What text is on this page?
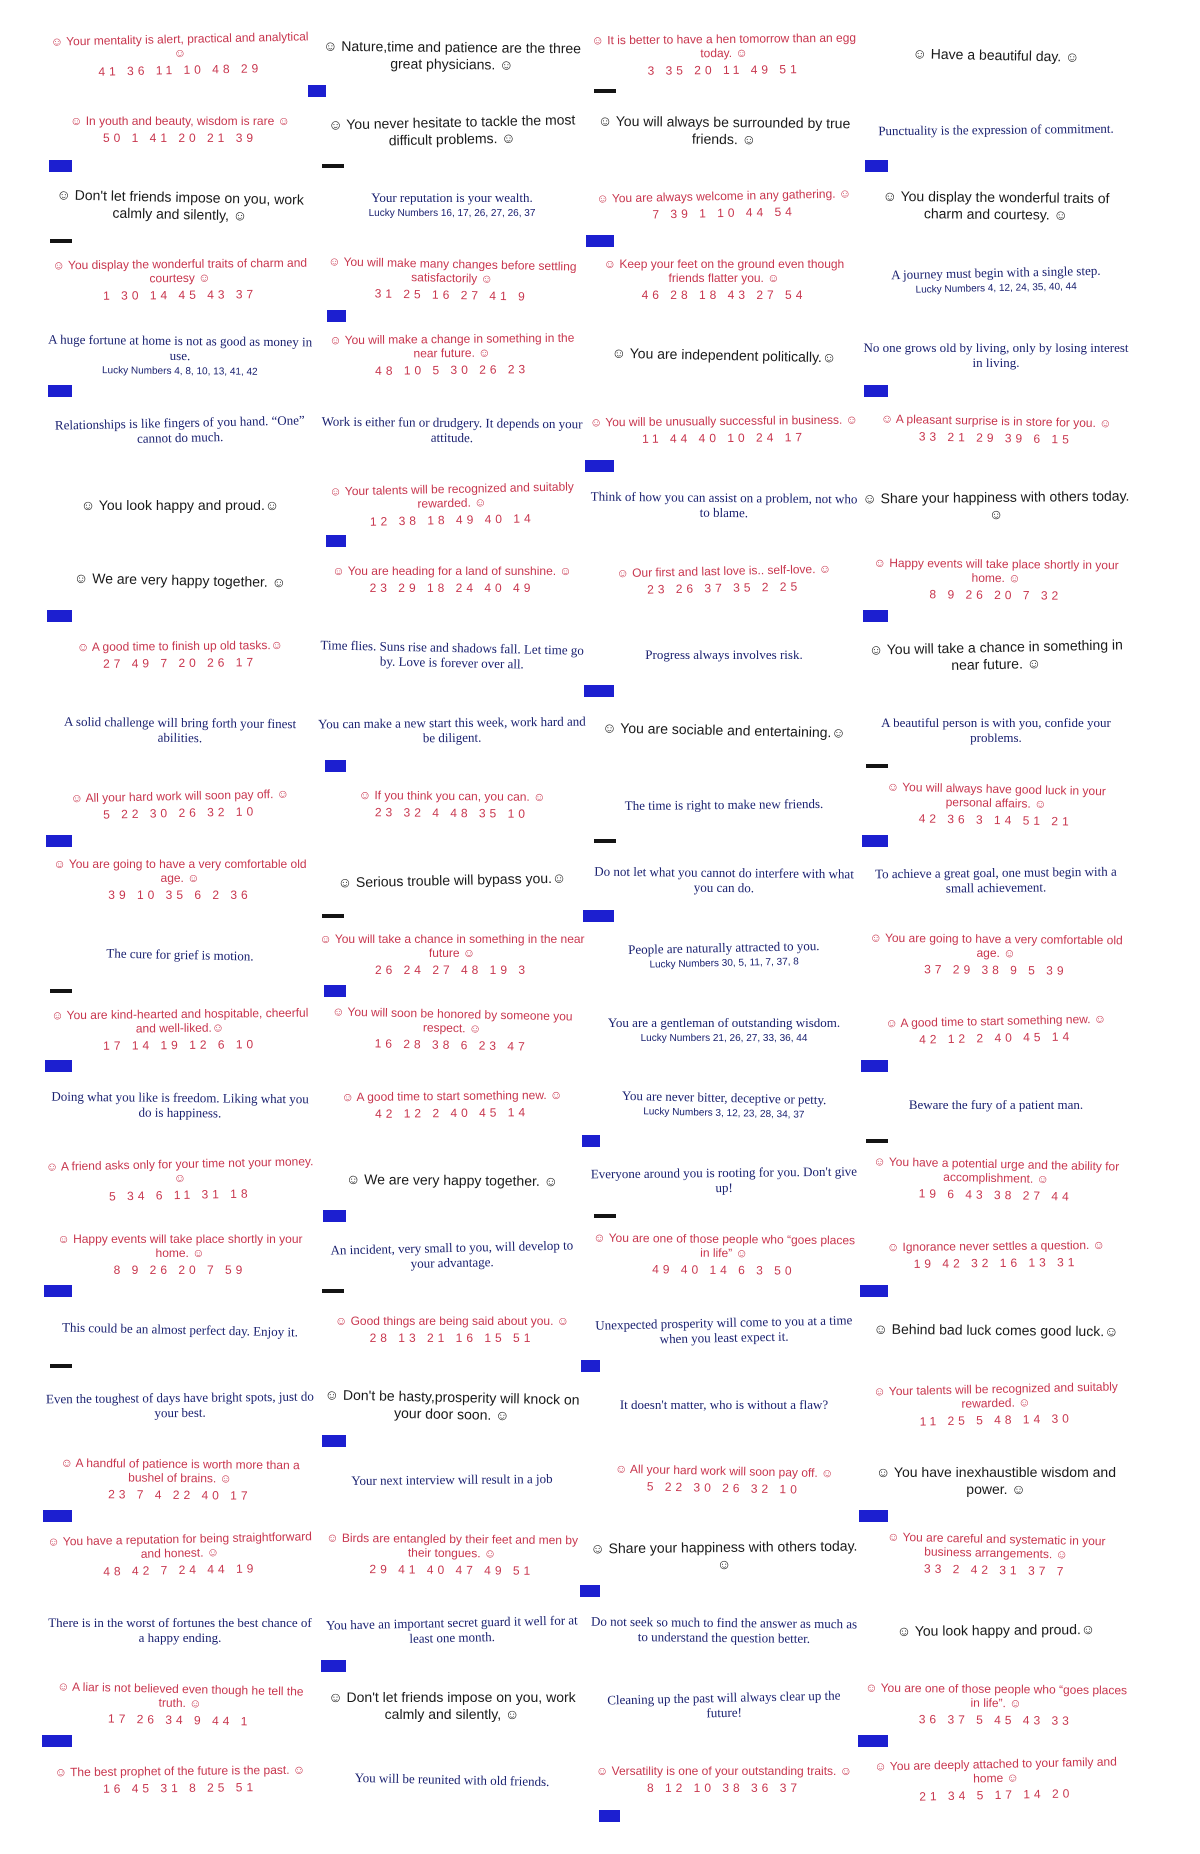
☺ Your mentality is alert, practical and analytical ☺
41 36 11 10 48 29
☺ In youth and beauty, wisdom is rare ☺
50 1 41 20 21 39
☺ Don't let friends impose on you, work calmly and silently, ☺
☺ You display the wonderful traits of charm and courtesy ☺
1 30 14 45 43 37
A huge fortune at home is not as good as money in use.
Lucky Numbers 4, 8, 10, 13, 41, 42
Relationships is like fingers of you hand. “One” cannot do much.
☺ You look happy and proud.☺
☺ We are very happy together. ☺
☺ A good time to finish up old tasks.☺
27 49 7 20 26 17
A solid challenge will bring forth your finest abilities.
☺ All your hard work will soon pay off. ☺
5 22 30 26 32 10
☺ You are going to have a very comfortable old age. ☺
39 10 35 6 2 36
The cure for grief is motion.
☺ You are kind-hearted and hospitable, cheerful and well-liked.☺
17 14 19 12 6 10
Doing what you like is freedom. Liking what you do is happiness.
☺ A friend asks only for your time not your money. ☺
5 34 6 11 31 18
☺ Happy events will take place shortly in your home. ☺
8 9 26 20 7 59
This could be an almost perfect day. Enjoy it.
Even the toughest of days have bright spots, just do your best.
☺ A handful of patience is worth more than a bushel of brains. ☺
23 7 4 22 40 17
☺ You have a reputation for being straightforward and honest. ☺
48 42 7 24 44 19
There is in the worst of fortunes the best chance of a happy ending.
☺ A liar is not believed even though he tell the truth. ☺
17 26 34 9 44 1
☺ The best prophet of the future is the past. ☺
16 45 31 8 25 51
☺ Nature,time and patience are the three great physicians. ☺
☺ You never hesitate to tackle the most difficult problems. ☺
Your reputation is your wealth.
Lucky Numbers 16, 17, 26, 27, 26, 37
☺ You will make many changes before settling satisfactorily ☺
31 25 16 27 41 9
☺ You will make a change in something in the near future. ☺
48 10 5 30 26 23
Work is either fun or drudgery. It depends on your attitude.
☺ Your talents will be recognized and suitably rewarded. ☺
12 38 18 49 40 14
☺ You are heading for a land of sunshine. ☺
23 29 18 24 40 49
Time flies. Suns rise and shadows fall. Let time go by. Love is forever over all.
You can make a new start this week, work hard and be diligent.
☺ If you think you can, you can. ☺
23 32 4 48 35 10
☺ Serious trouble will bypass you.☺
☺ You will take a chance in something in the near future ☺
26 24 27 48 19 3
☺ You will soon be honored by someone you respect. ☺
16 28 38 6 23 47
☺ A good time to start something new. ☺
42 12 2 40 45 14
☺ We are very happy together. ☺
An incident, very small to you, will develop to your advantage.
☺ Good things are being said about you. ☺
28 13 21 16 15 51
☺ Don't be hasty,prosperity will knock on your door soon. ☺
Your next interview will result in a job
☺ Birds are entangled by their feet and men by their tongues. ☺
29 41 40 47 49 51
You have an important secret guard it well for at least one month.
☺ Don't let friends impose on you, work calmly and silently, ☺
You will be reunited with old friends.
☺ It is better to have a hen tomorrow than an egg today. ☺
3 35 20 11 49 51
☺ You will always be surrounded by true friends. ☺
☺ You are always welcome in any gathering. ☺
7 39 1 10 44 54
☺ Keep your feet on the ground even though friends flatter you. ☺
46 28 18 43 27 54
☺ You are independent politically.☺
☺ You will be unusually successful in business. ☺
11 44 40 10 24 17
Think of how you can assist on a problem, not who to blame.
☺ Our first and last love is.. self-love. ☺
23 26 37 35 2 25
Progress always involves risk.
☺ You are sociable and entertaining.☺
The time is right to make new friends.
Do not let what you cannot do interfere with what you can do.
People are naturally attracted to you.
Lucky Numbers 30, 5, 11, 7, 37, 8
You are a gentleman of outstanding wisdom.
Lucky Numbers 21, 26, 27, 33, 36, 44
You are never bitter, deceptive or petty.
Lucky Numbers 3, 12, 23, 28, 34, 37
Everyone around you is rooting for you. Don't give up!
☺ You are one of those people who “goes places in life” ☺
49 40 14 6 3 50
Unexpected prosperity will come to you at a time when you least expect it.
It doesn't matter, who is without a flaw?
☺ All your hard work will soon pay off. ☺
5 22 30 26 32 10
☺ Share your happiness with others today. ☺
Do not seek so much to find the answer as much as to understand the question better.
Cleaning up the past will always clear up the future!
☺ Versatility is one of your outstanding traits. ☺
8 12 10 38 36 37
☺ Have a beautiful day. ☺
Punctuality is the expression of commitment.
☺ You display the wonderful traits of charm and courtesy. ☺
A journey must begin with a single step.
Lucky Numbers 4, 12, 24, 35, 40, 44
No one grows old by living, only by losing interest in living.
☺ A pleasant surprise is in store for you. ☺
33 21 29 39 6 15
☺ Share your happiness with others today. ☺
☺ Happy events will take place shortly in your home. ☺
8 9 26 20 7 32
☺ You will take a chance in something in near future. ☺
A beautiful person is with you, confide your problems.
☺ You will always have good luck in your personal affairs. ☺
42 36 3 14 51 21
To achieve a great goal, one must begin with a small achievement.
☺ You are going to have a very comfortable old age. ☺
37 29 38 9 5 39
☺ A good time to start something new. ☺
42 12 2 40 45 14
Beware the fury of a patient man.
☺ You have a potential urge and the ability for accomplishment. ☺
19 6 43 38 27 44
☺ Ignorance never settles a question. ☺
19 42 32 16 13 31
☺ Behind bad luck comes good luck.☺
☺ Your talents will be recognized and suitably rewarded. ☺
11 25 5 48 14 30
☺ You have inexhaustible wisdom and power. ☺
☺ You are careful and systematic in your business arrangements. ☺
33 2 42 31 37 7
☺ You look happy and proud.☺
☺ You are one of those people who “goes places in life”. ☺
36 37 5 45 43 33
☺ You are deeply attached to your family and home ☺
21 34 5 17 14 20
